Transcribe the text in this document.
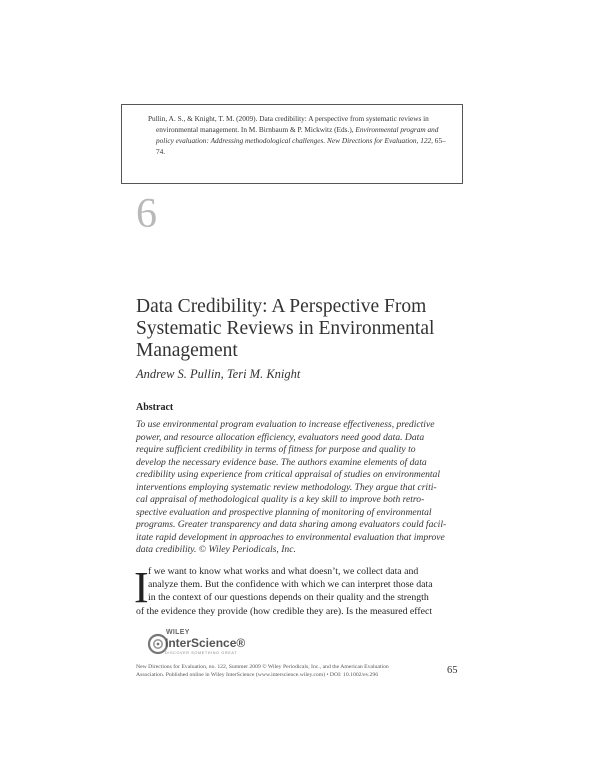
Pullin, A. S., & Knight, T. M. (2009). Data credibility: A perspective from systematic reviews in environmental management. In M. Birnbaum & P. Mickwitz (Eds.), Environmental program and policy evaluation: Addressing methodological challenges. New Directions for Evaluation, 122, 65–74.

6
Data Credibility: A Perspective From
Systematic Reviews in Environmental
Management
Andrew S. Pullin, Teri M. Knight
Abstract
To use environmental program evaluation to increase effectiveness, predictive
power, and resource allocation efficiency, evaluators need good data. Data
require sufficient credibility in terms of fitness for purpose and quality to
develop the necessary evidence base. The authors examine elements of data
credibility using experience from critical appraisal of studies on environmental
interventions employing systematic review methodology. They argue that criti-
cal appraisal of methodological quality is a key skill to improve both retro-
spective evaluation and prospective planning of monitoring of environmental
programs. Greater transparency and data sharing among evaluators could facil-
itate rapid development in approaches to environmental evaluation that improve
data credibility. © Wiley Periodicals, Inc.
I f we want to know what works and what doesn’t, we collect data and
analyze them. But the confidence with which we can interpret those data
in the context of our questions depends on their quality and the strength
of the evidence they provide (how credible they are). Is the measured effect
WILEY
InterScience®
DISCOVER SOMETHING GREAT
New Directions for Evaluation, no. 122, Summer 2009 © Wiley Periodicals, Inc., and the American Evaluation
Association. Published online in Wiley InterScience (www.interscience.wiley.com) • DOI: 10.1002/ev.296	65
